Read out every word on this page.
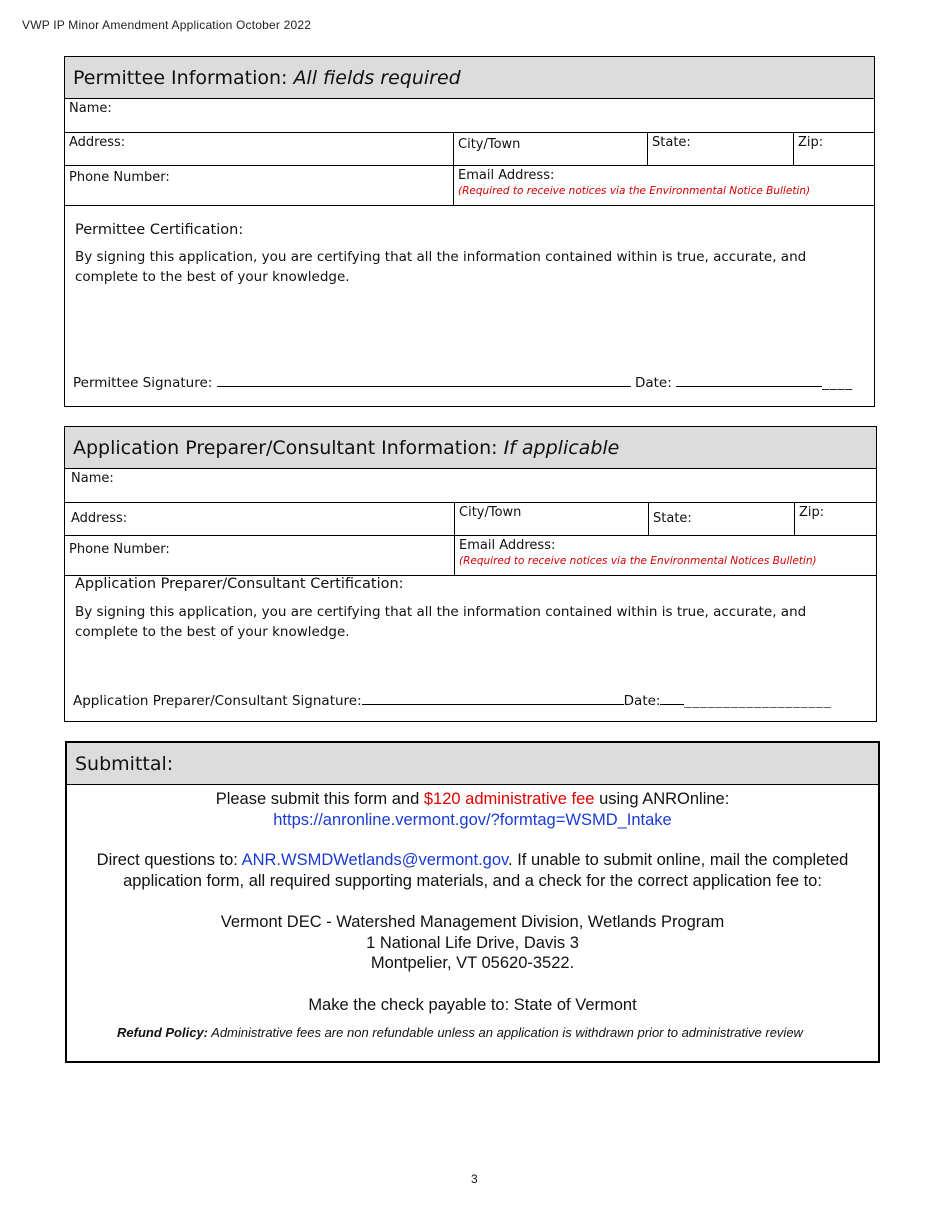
VWP IP Minor Amendment Application October 2022
Permittee Information: All fields required
Name:
Address:	City/Town	State:	Zip:
Phone Number:	Email Address:
(Required to receive notices via the Environmental Notice Bulletin)
Permittee Certification:
By signing this application, you are certifying that all the information contained within is true, accurate, and complete to the best of your knowledge.
Permittee Signature:	Date:	____
Application Preparer/Consultant Information: If applicable
Name:
Address:	City/Town	State:	Zip:
Phone Number:	Email Address:
(Required to receive notices via the Environmental Notices Bulletin)
Application Preparer/Consultant Certification:
By signing this application, you are certifying that all the information contained within is true, accurate, and complete to the best of your knowledge.
Application Preparer/Consultant Signature:	Date: ___________________
Submittal:
Please submit this form and $120 administrative fee using ANROnline:
https://anronline.vermont.gov/?formtag=WSMD_Intake
Direct questions to: ANR.WSMDWetlands@vermont.gov. If unable to submit online, mail the completed application form, all required supporting materials, and a check for the correct application fee to:
Vermont DEC - Watershed Management Division, Wetlands Program
1 National Life Drive, Davis 3
Montpelier, VT 05620-3522.
Make the check payable to: State of Vermont
Refund Policy: Administrative fees are non refundable unless an application is withdrawn prior to administrative review
3
